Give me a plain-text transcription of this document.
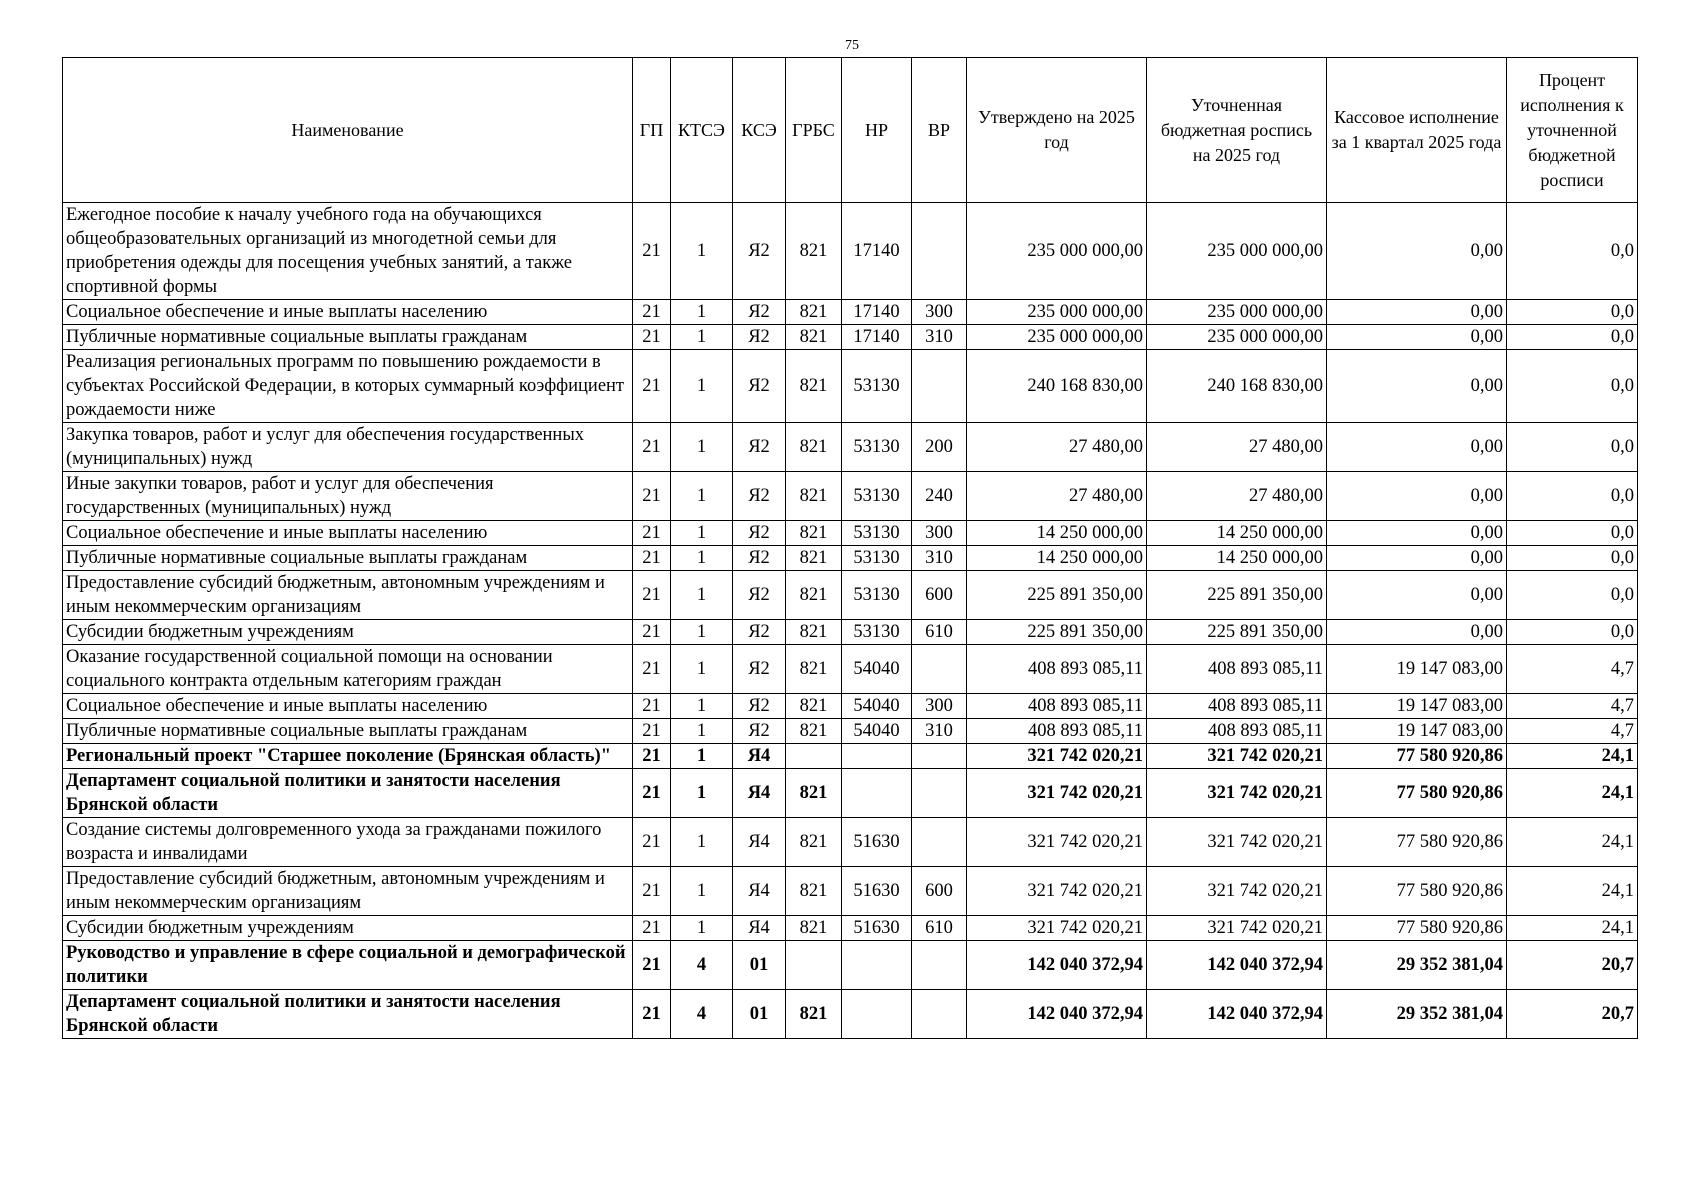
75
Наименование	ГП	КТСЭ	КСЭ	ГРБС	НР	ВР	Утверждено на 2025 год	Уточненная бюджетная роспись на 2025 год	Кассовое исполнение за 1 квартал 2025 года	Процент исполнения к уточненной бюджетной росписи
Ежегодное пособие к началу учебного года на обучающихся общеобразовательных организаций из многодетной семьи для приобретения одежды для посещения учебных занятий, а также спортивной формы	21	1	Я2	821	17140		235 000 000,00	235 000 000,00	0,00	0,0
Социальное обеспечение и иные выплаты населению	21	1	Я2	821	17140	300	235 000 000,00	235 000 000,00	0,00	0,0
Публичные нормативные социальные выплаты гражданам	21	1	Я2	821	17140	310	235 000 000,00	235 000 000,00	0,00	0,0
Реализация региональных программ по повышению рождаемости в субъектах Российской Федерации, в которых суммарный коэффициент рождаемости ниже	21	1	Я2	821	53130		240 168 830,00	240 168 830,00	0,00	0,0
Закупка товаров, работ и услуг для обеспечения государственных (муниципальных) нужд	21	1	Я2	821	53130	200	27 480,00	27 480,00	0,00	0,0
Иные закупки товаров, работ и услуг для обеспечения государственных (муниципальных) нужд	21	1	Я2	821	53130	240	27 480,00	27 480,00	0,00	0,0
Социальное обеспечение и иные выплаты населению	21	1	Я2	821	53130	300	14 250 000,00	14 250 000,00	0,00	0,0
Публичные нормативные социальные выплаты гражданам	21	1	Я2	821	53130	310	14 250 000,00	14 250 000,00	0,00	0,0
Предоставление субсидий бюджетным, автономным учреждениям и иным некоммерческим организациям	21	1	Я2	821	53130	600	225 891 350,00	225 891 350,00	0,00	0,0
Субсидии бюджетным учреждениям	21	1	Я2	821	53130	610	225 891 350,00	225 891 350,00	0,00	0,0
Оказание государственной социальной помощи на основании социального контракта отдельным категориям граждан	21	1	Я2	821	54040		408 893 085,11	408 893 085,11	19 147 083,00	4,7
Социальное обеспечение и иные выплаты населению	21	1	Я2	821	54040	300	408 893 085,11	408 893 085,11	19 147 083,00	4,7
Публичные нормативные социальные выплаты гражданам	21	1	Я2	821	54040	310	408 893 085,11	408 893 085,11	19 147 083,00	4,7
Региональный проект "Старшее поколение (Брянская область)"	21	1	Я4				321 742 020,21	321 742 020,21	77 580 920,86	24,1
Департамент социальной политики и занятости населения Брянской области	21	1	Я4	821			321 742 020,21	321 742 020,21	77 580 920,86	24,1
Создание системы долговременного ухода за гражданами пожилого возраста и инвалидами	21	1	Я4	821	51630		321 742 020,21	321 742 020,21	77 580 920,86	24,1
Предоставление субсидий бюджетным, автономным учреждениям и иным некоммерческим организациям	21	1	Я4	821	51630	600	321 742 020,21	321 742 020,21	77 580 920,86	24,1
Субсидии бюджетным учреждениям	21	1	Я4	821	51630	610	321 742 020,21	321 742 020,21	77 580 920,86	24,1
Руководство и управление в сфере социальной и демографической политики	21	4	01				142 040 372,94	142 040 372,94	29 352 381,04	20,7
Департамент социальной политики и занятости населения Брянской области	21	4	01	821			142 040 372,94	142 040 372,94	29 352 381,04	20,7
